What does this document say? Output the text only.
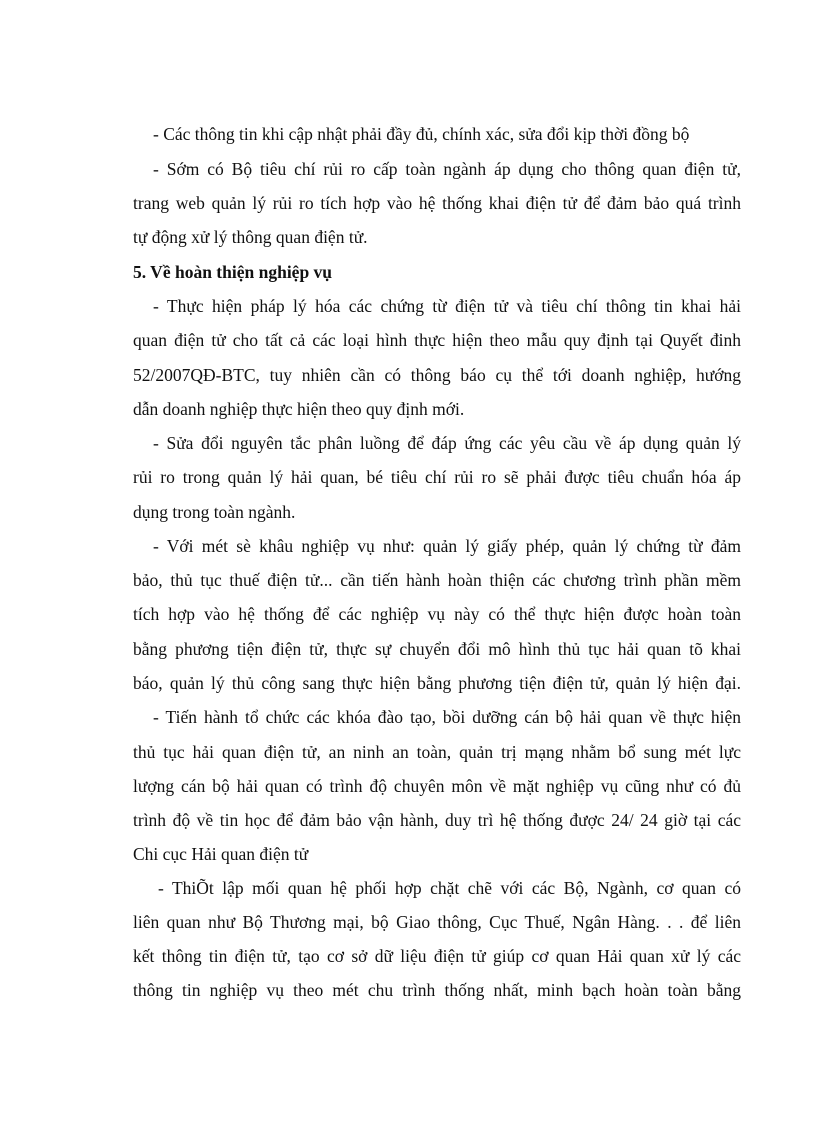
- Các thông tin khi cập nhật phải đầy đủ, chính xác, sửa đổi kịp thời đồng bộ
- Sớm có Bộ tiêu chí rủi ro cấp toàn ngành áp dụng cho thông quan điện tử,
trang web quản lý rủi ro tích hợp vào hệ thống khai điện tử để đảm bảo quá trình
tự động xử lý thông quan điện tử.
5. Về hoàn thiện nghiệp vụ
- Thực hiện pháp lý hóa các chứng từ điện tử và tiêu chí thông tin khai hải
quan điện tử cho tất cả các loại hình thực hiện theo mẫu quy định tại Quyết đinh
52/2007QĐ-BTC, tuy nhiên cần có thông báo cụ thể tới doanh nghiệp, hướng
dẫn doanh nghiệp thực hiện theo quy định mới.
- Sửa đổi nguyên tắc phân luồng để đáp ứng các yêu cầu về áp dụng quản lý
rủi ro trong quản lý hải quan, bé tiêu chí rủi ro sẽ phải được tiêu chuẩn hóa áp
dụng trong toàn ngành.
- Với mét sè khâu nghiệp vụ như: quản lý giấy phép, quản lý chứng từ đảm
bảo, thủ tục thuế điện tử... cần tiến hành hoàn thiện các chương trình phần mềm
tích hợp vào hệ thống để các nghiệp vụ này có thể thực hiện được hoàn toàn
bằng phương tiện điện tử, thực sự chuyển đổi mô hình thủ tục hải quan tõ khai
báo, quản lý thủ công sang thực hiện bằng phương tiện điện tử, quản lý hiện đại.
- Tiến hành tổ chức các khóa đào tạo, bồi dưỡng cán bộ hải quan về thực hiện
thủ tục hải quan điện tử, an ninh an toàn, quản trị mạng nhằm bổ sung mét lực
lượng cán bộ hải quan có trình độ chuyên môn về mặt nghiệp vụ cũng như có đủ
trình độ về tin học để đảm bảo vận hành, duy trì hệ thống được 24/ 24 giờ tại các
Chi cục Hải quan điện tử
- ThiÕt lập mối quan hệ phối hợp chặt chẽ với các Bộ, Ngành, cơ quan có
liên quan như Bộ Thương mại, bộ Giao thông, Cục Thuế, Ngân Hàng. . . để liên
kết thông tin điện tử, tạo cơ sở dữ liệu điện tử giúp cơ quan Hải quan xử lý các
thông tin nghiệp vụ theo mét chu trình thống nhất, minh bạch hoàn toàn bằng
